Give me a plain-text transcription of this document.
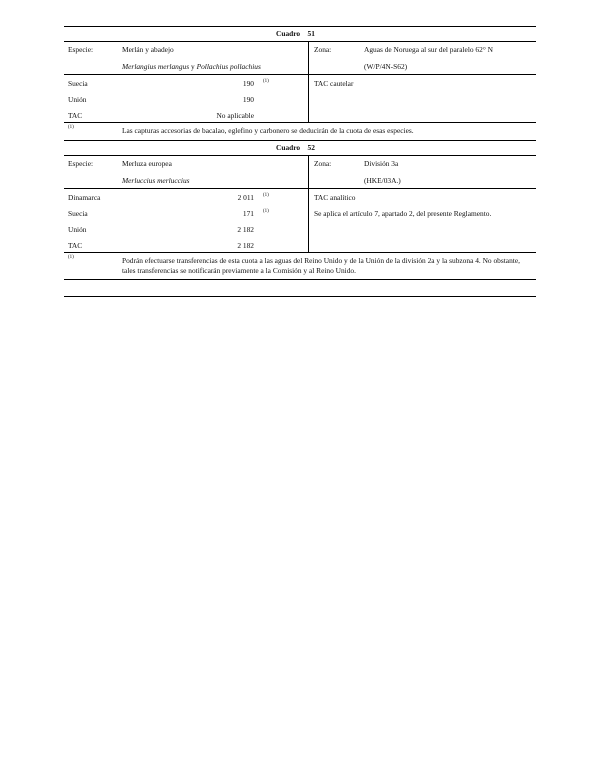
Cuadro 51
Especie:	Merlán y abadejo
Merlangius merlangus y Pollachius pollachius
Zona:	Aguas de Noruega al sur del paralelo 62° N
(W/P/4N-S62)
Suecia	190 $^{(1)}$
Unión	190
TAC	No aplicable
TAC cautelar
$^{(1)}$	Las capturas accesorias de bacalao, eglefino y carbonero se deducirán de la cuota de esas especies.
Cuadro 52
Especie:	Merluza europea
Merluccius merluccius
Zona:	División 3a
(HKE/03A.)
Dinamarca	2 011 $^{(1)}$
Suecia	171 $^{(1)}$
Unión	2 182
TAC	2 182
TAC analítico
Se aplica el artículo 7, apartado 2, del presente Reglamento.
$^{(1)}$	Podrán efectuarse transferencias de esta cuota a las aguas del Reino Unido y de la Unión de la división 2a y la subzona 4. No obstante, tales transferencias se notificarán previamente a la Comisión y al Reino Unido.
